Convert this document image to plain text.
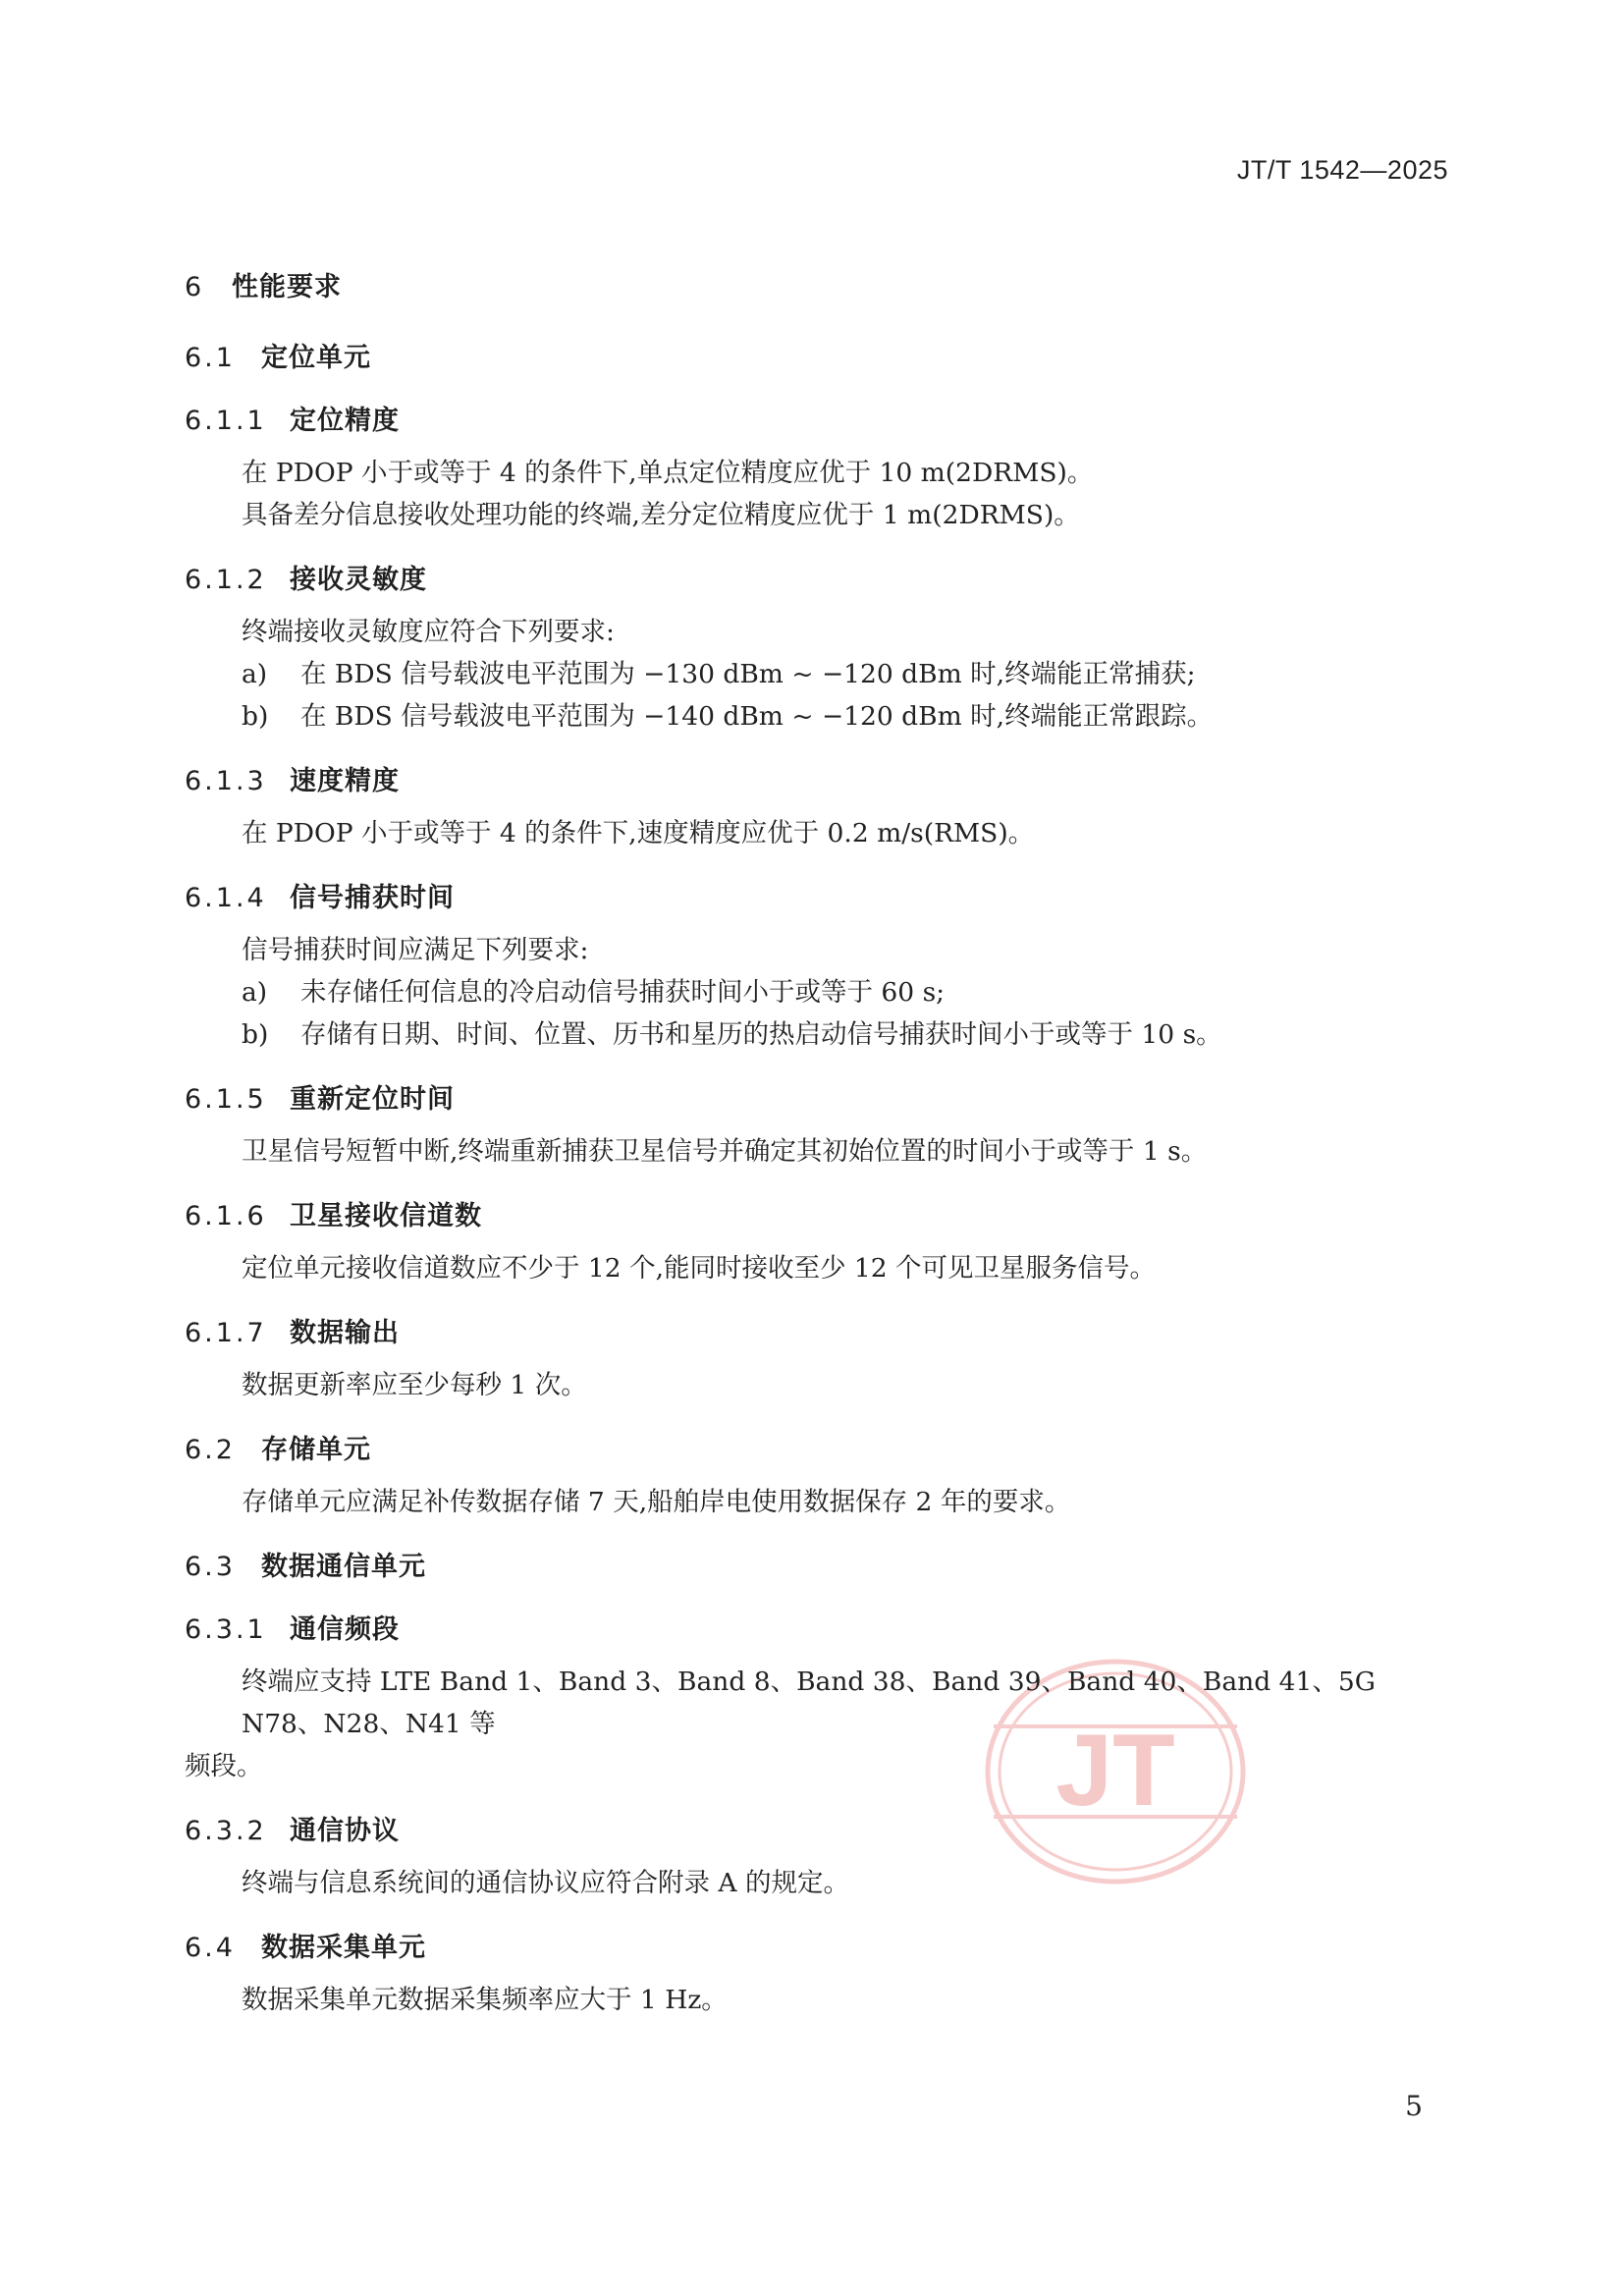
JT/T 1542—2025
JT
6	性能要求
6.1 定位单元
6.1.1 定位精度
在 PDOP 小于或等于 4 的条件下,单点定位精度应优于 10 m(2DRMS)。
具备差分信息接收处理功能的终端,差分定位精度应优于 1 m(2DRMS)。
6.1.2 接收灵敏度
终端接收灵敏度应符合下列要求:
a)	在 BDS 信号载波电平范围为 −130 dBm ~ −120 dBm 时,终端能正常捕获;
b)	在 BDS 信号载波电平范围为 −140 dBm ~ −120 dBm 时,终端能正常跟踪。
6.1.3 速度精度
在 PDOP 小于或等于 4 的条件下,速度精度应优于 0.2 m/s(RMS)。
6.1.4 信号捕获时间
信号捕获时间应满足下列要求:
a)	未存储任何信息的冷启动信号捕获时间小于或等于 60 s;
b)	存储有日期、时间、位置、历书和星历的热启动信号捕获时间小于或等于 10 s。
6.1.5 重新定位时间
卫星信号短暂中断,终端重新捕获卫星信号并确定其初始位置的时间小于或等于 1 s。
6.1.6 卫星接收信道数
定位单元接收信道数应不少于 12 个,能同时接收至少 12 个可见卫星服务信号。
6.1.7 数据输出
数据更新率应至少每秒 1 次。
6.2 存储单元
存储单元应满足补传数据存储 7 天,船舶岸电使用数据保存 2 年的要求。
6.3 数据通信单元
6.3.1 通信频段
终端应支持 LTE Band 1、Band 3、Band 8、Band 38、Band 39、Band 40、Band 41、5G N78、N28、N41 等
频段。
6.3.2 通信协议
终端与信息系统间的通信协议应符合附录 A 的规定。
6.4 数据采集单元
数据采集单元数据采集频率应大于 1 Hz。
5
